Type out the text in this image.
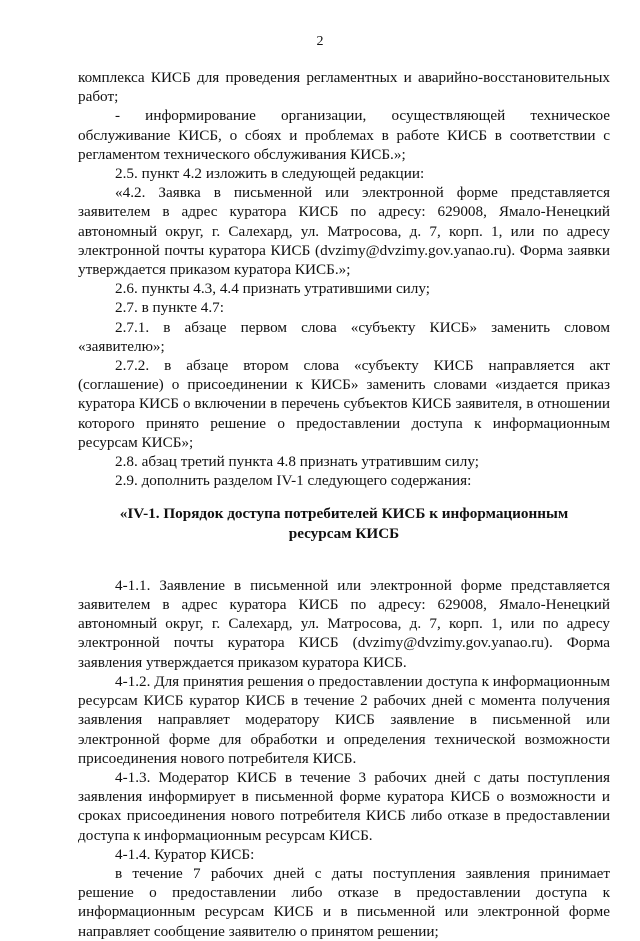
2

комплекса КИСБ для проведения регламентных и аварийно-восстановительных работ;

- информирование организации, осуществляющей техническое обслуживание КИСБ, о сбоях и проблемах в работе КИСБ в соответствии с регламентом технического обслуживания КИСБ.»;

2.5. пункт 4.2 изложить в следующей редакции:

«4.2. Заявка в письменной или электронной форме представляется заявителем в адрес куратора КИСБ по адресу: 629008, Ямало-Ненецкий автономный округ, г. Салехард, ул. Матросова, д. 7, корп. 1, или по адресу электронной почты куратора КИСБ (dvzimy@dvzimy.gov.yanao.ru). Форма заявки утверждается приказом куратора КИСБ.»;

2.6. пункты 4.3, 4.4 признать утратившими силу;

2.7. в пункте 4.7:

2.7.1. в абзаце первом слова «субъекту КИСБ» заменить словом «заявителю»;

2.7.2. в абзаце втором слова «субъекту КИСБ направляется акт (соглашение) о присоединении к КИСБ» заменить словами «издается приказ куратора КИСБ о включении в перечень субъектов КИСБ заявителя, в отношении которого принято решение о предоставлении доступа к информационным ресурсам КИСБ»;

2.8. абзац третий пункта 4.8 признать утратившим силу;

2.9. дополнить разделом IV-1 следующего содержания:

«IV-1. Порядок доступа потребителей КИСБ к информационным
ресурсам КИСБ

4-1.1. Заявление в письменной или электронной форме представляется заявителем в адрес куратора КИСБ по адресу: 629008, Ямало-Ненецкий автономный округ, г. Салехард, ул. Матросова, д. 7, корп. 1, или по адресу электронной почты куратора КИСБ (dvzimy@dvzimy.gov.yanao.ru). Форма заявления утверждается приказом куратора КИСБ.

4-1.2. Для принятия решения о предоставлении доступа к информационным ресурсам КИСБ куратор КИСБ в течение 2 рабочих дней с момента получения заявления направляет модератору КИСБ заявление в письменной или электронной форме для обработки и определения технической возможности присоединения нового потребителя КИСБ.

4-1.3. Модератор КИСБ в течение 3 рабочих дней с даты поступления заявления информирует в письменной форме куратора КИСБ о возможности и сроках присоединения нового потребителя КИСБ либо отказе в предоставлении доступа к информационным ресурсам КИСБ.

4-1.4. Куратор КИСБ:

в течение 7 рабочих дней с даты поступления заявления принимает решение о предоставлении либо отказе в предоставлении доступа к информационным ресурсам КИСБ и в письменной или электронной форме направляет сообщение заявителю о принятом решении;
